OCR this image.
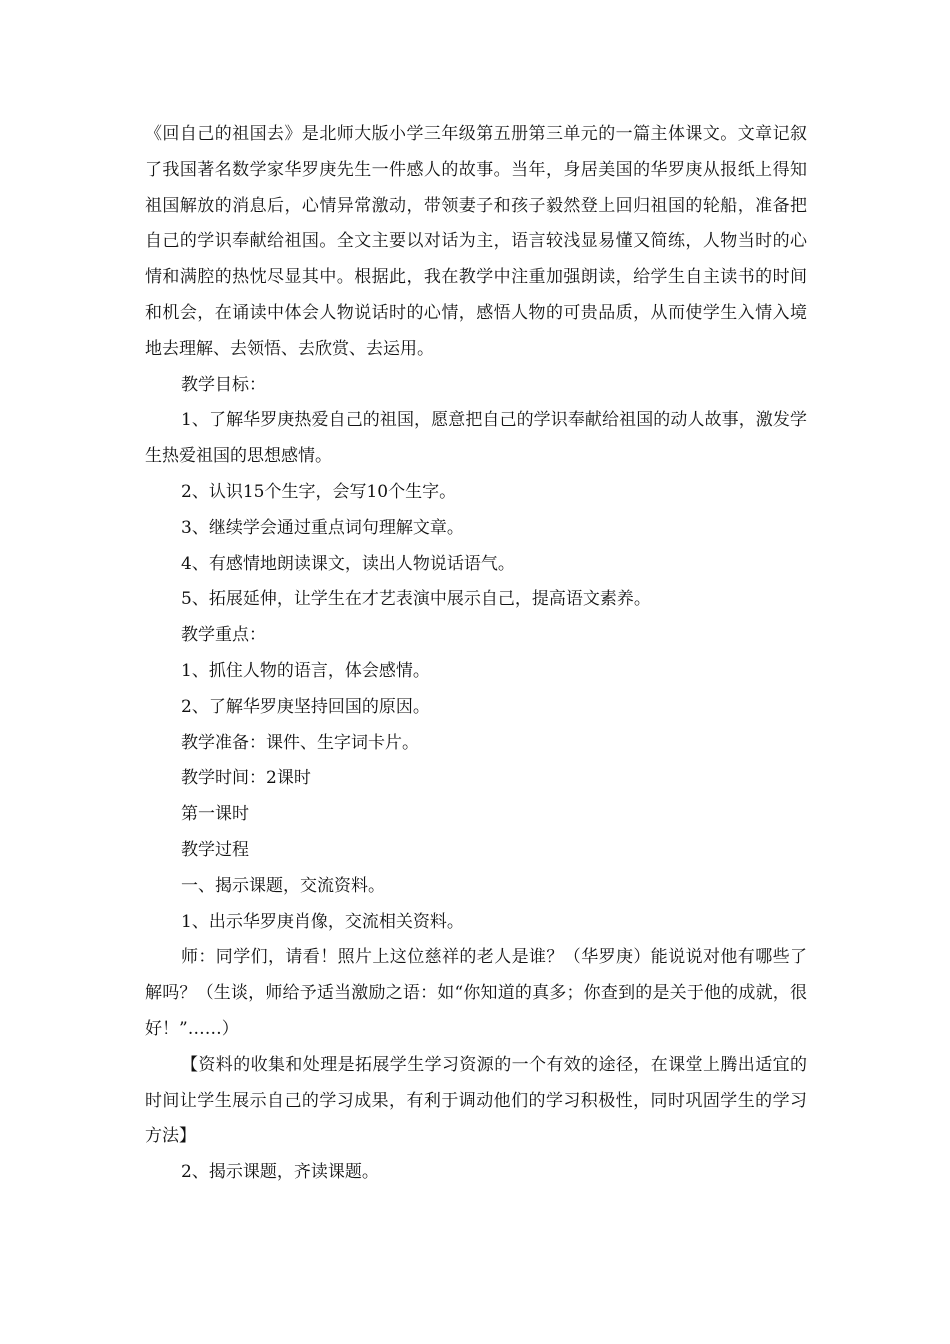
《回自己的祖国去》是北师大版小学三年级第五册第三单元的一篇主体课文。文章记叙了我国著名数学家华罗庚先生一件感人的故事。当年，身居美国的华罗庚从报纸上得知祖国解放的消息后，心情异常激动，带领妻子和孩子毅然登上回归祖国的轮船，准备把自己的学识奉献给祖国。全文主要以对话为主，语言较浅显易懂又简练，人物当时的心情和满腔的热忱尽显其中。根据此，我在教学中注重加强朗读，给学生自主读书的时间和机会，在诵读中体会人物说话时的心情，感悟人物的可贵品质，从而使学生入情入境地去理解、去领悟、去欣赏、去运用。

教学目标：

1、了解华罗庚热爱自己的祖国，愿意把自己的学识奉献给祖国的动人故事，激发学生热爱祖国的思想感情。

2、认识15个生字，会写10个生字。

3、继续学会通过重点词句理解文章。

4、有感情地朗读课文，读出人物说话语气。

5、拓展延伸，让学生在才艺表演中展示自己，提高语文素养。

教学重点：

1、抓住人物的语言，体会感情。

2、了解华罗庚坚持回国的原因。

教学准备：课件、生字词卡片。

教学时间：2课时

第一课时

教学过程

一、揭示课题，交流资料。

1、出示华罗庚肖像，交流相关资料。

师：同学们，请看！照片上这位慈祥的老人是谁？（华罗庚）能说说对他有哪些了解吗？（生谈，师给予适当激励之语：如“你知道的真多；你查到的是关于他的成就，很好！”……）

【资料的收集和处理是拓展学生学习资源的一个有效的途径，在课堂上腾出适宜的时间让学生展示自己的学习成果，有利于调动他们的学习积极性，同时巩固学生的学习方法】

2、揭示课题，齐读课题。
